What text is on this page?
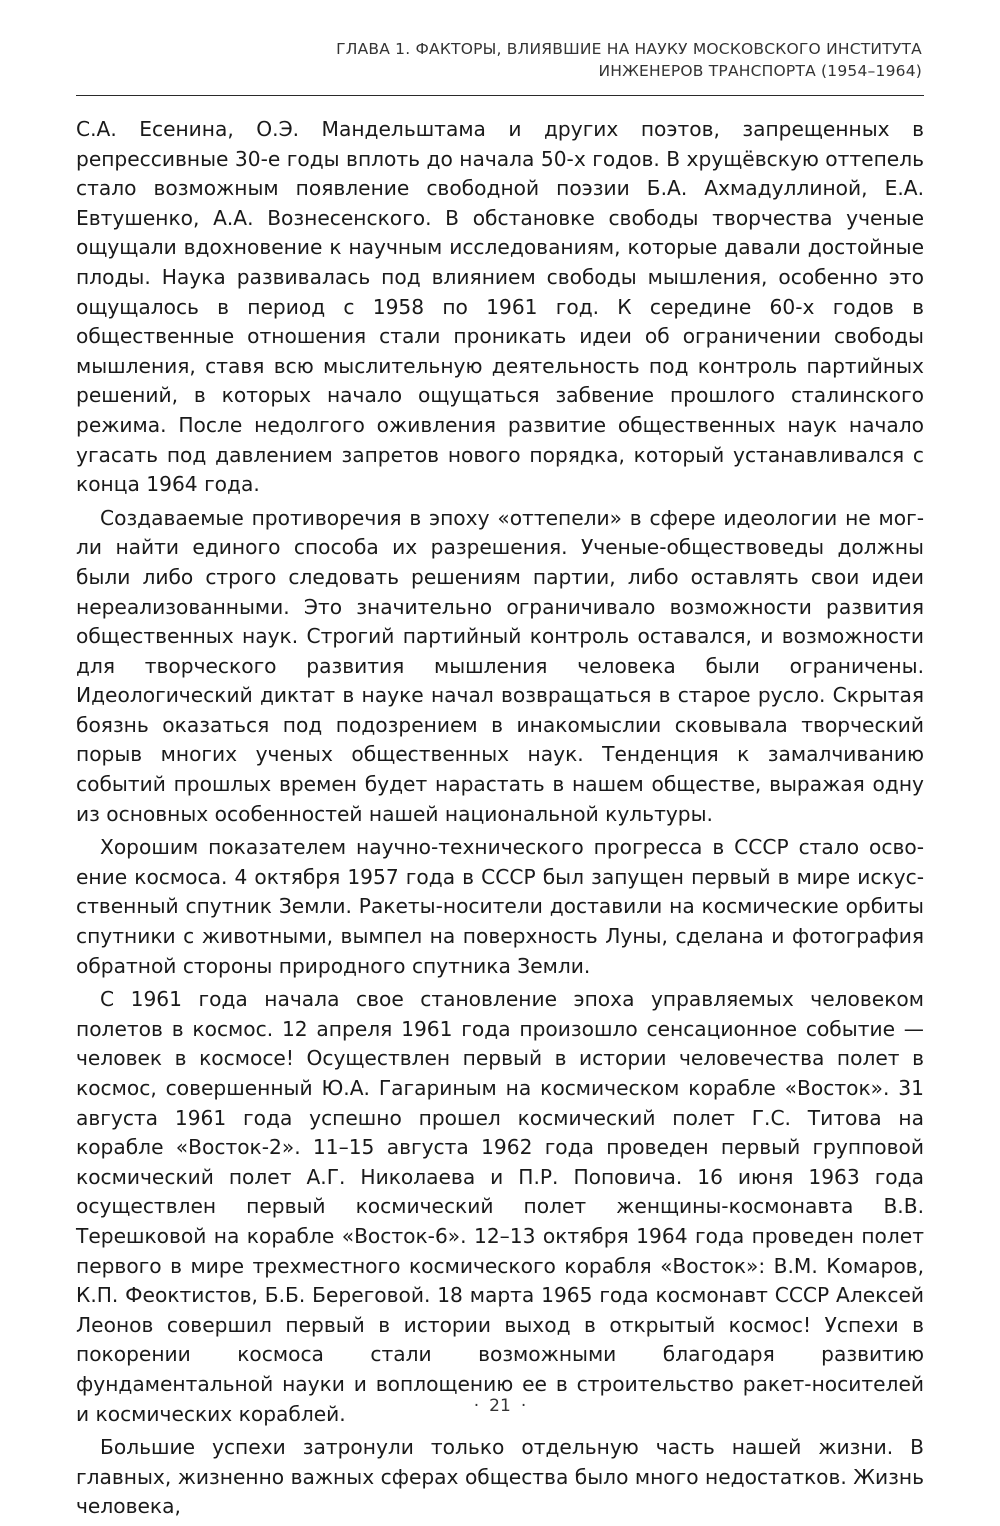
ГЛАВА 1. ФАКТОРЫ, ВЛИЯВШИЕ НА НАУКУ МОСКОВСКОГО ИНСТИТУТА
ИНЖЕНЕРОВ ТРАНСПОРТА (1954–1964)

С.А. Есенина, О.Э. Мандельштама и других поэтов, запрещенных в репрессивные 30-е годы вплоть до начала 50-х годов. В хрущёвскую оттепель стало возможным появление свободной поэзии Б.А. Ахмадуллиной, Е.А. Евтушенко, А.А. Вознесенского. В обстановке свободы творчества ученые ощущали вдохновение к научным исследованиям, которые давали достойные плоды. Наука развивалась под влиянием свободы мышления, особенно это ощущалось в период с 1958 по 1961 год. К середине 60-х годов в общественные отношения стали проникать идеи об ограничении свободы мышления, ставя всю мыслительную деятельность под контроль партийных решений, в которых начало ощущаться забвение прошлого сталинского режима. После недолгого оживления развитие общественных наук начало угасать под давлением запретов нового порядка, который устанавливался с конца 1964 года.

Создаваемые противоречия в эпоху «оттепели» в сфере идеологии не могли найти единого способа их разрешения. Ученые-обществоведы должны были либо строго следовать решениям партии, либо оставлять свои идеи нереализованными. Это значительно ограничивало возможности развития общественных наук. Строгий партийный контроль оставался, и возможности для творческого развития мышления человека были ограничены. Идеологический диктат в науке начал возвращаться в старое русло. Скрытая боязнь оказаться под подозрением в инакомыслии сковывала творческий порыв многих ученых общественных наук. Тенденция к замалчиванию событий прошлых времен будет нарастать в нашем обществе, выражая одну из основных особенностей нашей национальной культуры.

Хорошим показателем научно-технического прогресса в СССР стало освоение космоса. 4 октября 1957 года в СССР был запущен первый в мире искусственный спутник Земли. Ракеты-носители доставили на космические орбиты спутники с животными, вымпел на поверхность Луны, сделана и фотография обратной стороны природного спутника Земли.

С 1961 года начала свое становление эпоха управляемых человеком полетов в космос. 12 апреля 1961 года произошло сенсационное событие — человек в космосе! Осуществлен первый в истории человечества полет в космос, совершенный Ю.А. Гагариным на космическом корабле «Восток». 31 августа 1961 года успешно прошел космический полет Г.С. Титова на корабле «Восток-2». 11–15 августа 1962 года проведен первый групповой космический полет А.Г. Николаева и П.Р. Поповича. 16 июня 1963 года осуществлен первый космический полет женщины-космонавта В.В. Терешковой на корабле «Восток-6». 12–13 октября 1964 года проведен полет первого в мире трехместного космического корабля «Восток»: В.М. Комаров, К.П. Феоктистов, Б.Б. Береговой. 18 марта 1965 года космонавт СССР Алексей Леонов совершил первый в истории выход в открытый космос! Успехи в покорении космоса стали возможными благодаря развитию фундаментальной науки и воплощению ее в строительство ракет-носителей и космических кораблей.

Большие успехи затронули только отдельную часть нашей жизни. В главных, жизненно важных сферах общества было много недостатков. Жизнь человека,

· 21 ·
